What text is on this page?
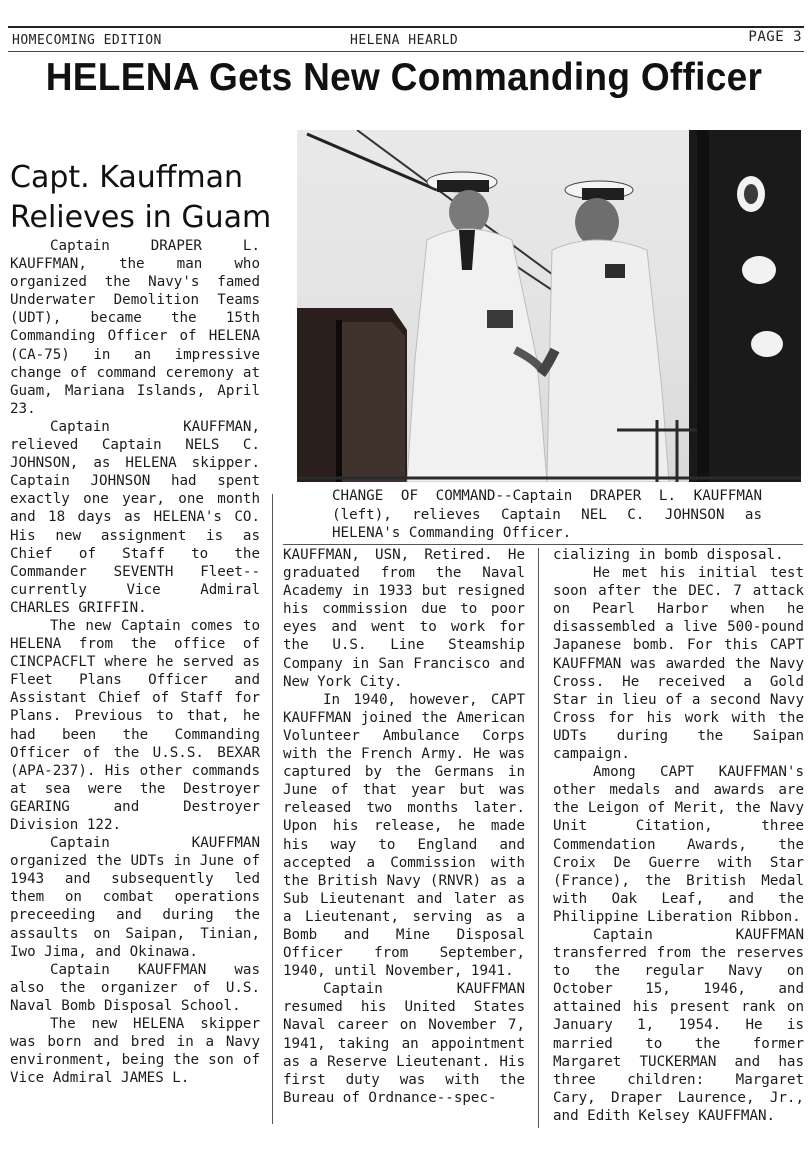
HOMECOMING EDITION	HELENA HEARLD	PAGE 3
HELENA Gets New Commanding Officer
Capt. Kauffman
Relieves in Guam

CHANGE OF COMMAND--Captain DRAPER L. KAUFFMAN (left), relieves Captain NEL C. JOHNSON as HELENA's Commanding Officer.

Captain DRAPER L. KAUFFMAN, the man who organized the Navy's famed Underwater Demolition Teams (UDT), became the 15th Commanding Officer of HELENA (CA-75) in an impressive change of command ceremony at Guam, Mariana Islands, April 23.

Captain KAUFFMAN, relieved Captain NELS C. JOHNSON, as HELENA skipper. Captain JOHNSON had spent exactly one year, one month and 18 days as HELENA's CO. His new assignment is as Chief of Staff to the Commander SEVENTH Fleet--currently Vice Admiral CHARLES GRIFFIN.

The new Captain comes to HELENA from the office of CINCPACFLT where he served as Fleet Plans Officer and Assistant Chief of Staff for Plans. Previous to that, he had been the Commanding Officer of the U.S.S. BEXAR (APA-237). His other commands at sea were the Destroyer GEARING and Destroyer Division 122.

Captain KAUFFMAN organized the UDTs in June of 1943 and subsequently led them on combat operations preceeding and during the assaults on Saipan, Tinian, Iwo Jima, and Okinawa.

Captain KAUFFMAN was also the organizer of U.S. Naval Bomb Disposal School.

The new HELENA skipper was born and bred in a Navy environment, being the son of Vice Admiral JAMES L.

KAUFFMAN, USN, Retired. He graduated from the Naval Academy in 1933 but resigned his commission due to poor eyes and went to work for the U.S. Line Steamship Company in San Francisco and New York City.

In 1940, however, CAPT KAUFFMAN joined the American Volunteer Ambulance Corps with the French Army. He was captured by the Germans in June of that year but was released two months later. Upon his release, he made his way to England and accepted a Commission with the British Navy (RNVR) as a Sub Lieutenant and later as a Lieutenant, serving as a Bomb and Mine Disposal Officer from September, 1940, until November, 1941.

Captain KAUFFMAN resumed his United States Naval career on November 7, 1941, taking an appointment as a Reserve Lieutenant. His first duty was with the Bureau of Ordnance--spec-

cializing in bomb disposal.

He met his initial test soon after the DEC. 7 attack on Pearl Harbor when he disassembled a live 500-pound Japanese bomb. For this CAPT KAUFFMAN was awarded the Navy Cross. He received a Gold Star in lieu of a second Navy Cross for his work with the UDTs during the Saipan campaign.

Among CAPT KAUFFMAN's other medals and awards are the Leigon of Merit, the Navy Unit Citation, three Commendation Awards, the Croix De Guerre with Star (France), the British Medal with Oak Leaf, and the Philippine Liberation Ribbon.

Captain KAUFFMAN transferred from the reserves to the regular Navy on October 15, 1946, and attained his present rank on January 1, 1954. He is married to the former Margaret TUCKERMAN and has three children: Margaret Cary, Draper Laurence, Jr., and Edith Kelsey KAUFFMAN.
